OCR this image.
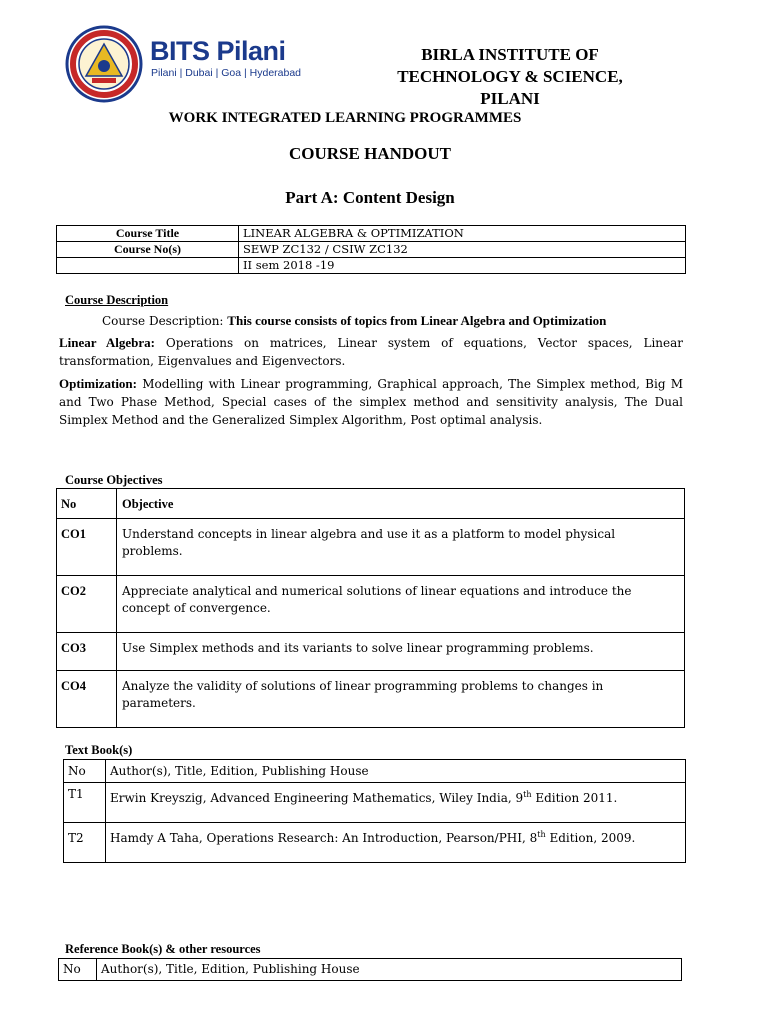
BITS Pilani
Pilani | Dubai | Goa | Hyderabad
BIRLA INSTITUTE OF
TECHNOLOGY & SCIENCE,
PILANI
WORK INTEGRATED LEARNING PROGRAMMES
COURSE HANDOUT
Part A: Content Design
Course Title	LINEAR ALGEBRA & OPTIMIZATION
Course No(s)	SEWP ZC132 / CSIW ZC132
	II sem 2018 -19
Course Description
Course Description: This course consists of topics from Linear Algebra and Optimization
Linear Algebra: Operations on matrices, Linear system of equations, Vector spaces, Linear transformation, Eigenvalues and Eigenvectors.
Optimization: Modelling with Linear programming, Graphical approach, The Simplex method, Big M and Two Phase Method, Special cases of the simplex method and sensitivity analysis, The Dual Simplex Method and the Generalized Simplex Algorithm, Post optimal analysis.
Course Objectives
No	Objective
CO1	Understand concepts in linear algebra and use it as a platform to model physical problems.
CO2	Appreciate analytical and numerical solutions of linear equations and introduce the concept of convergence.
CO3	Use Simplex methods and its variants to solve linear programming problems.
CO4	Analyze the validity of solutions of linear programming problems to changes in parameters.
Text Book(s)
No	Author(s), Title, Edition, Publishing House
T1	Erwin Kreyszig, Advanced Engineering Mathematics, Wiley India, 9th Edition 2011.
T2	Hamdy A Taha, Operations Research: An Introduction, Pearson/PHI, 8th Edition, 2009.
Reference Book(s) & other resources
No	Author(s), Title, Edition, Publishing House
